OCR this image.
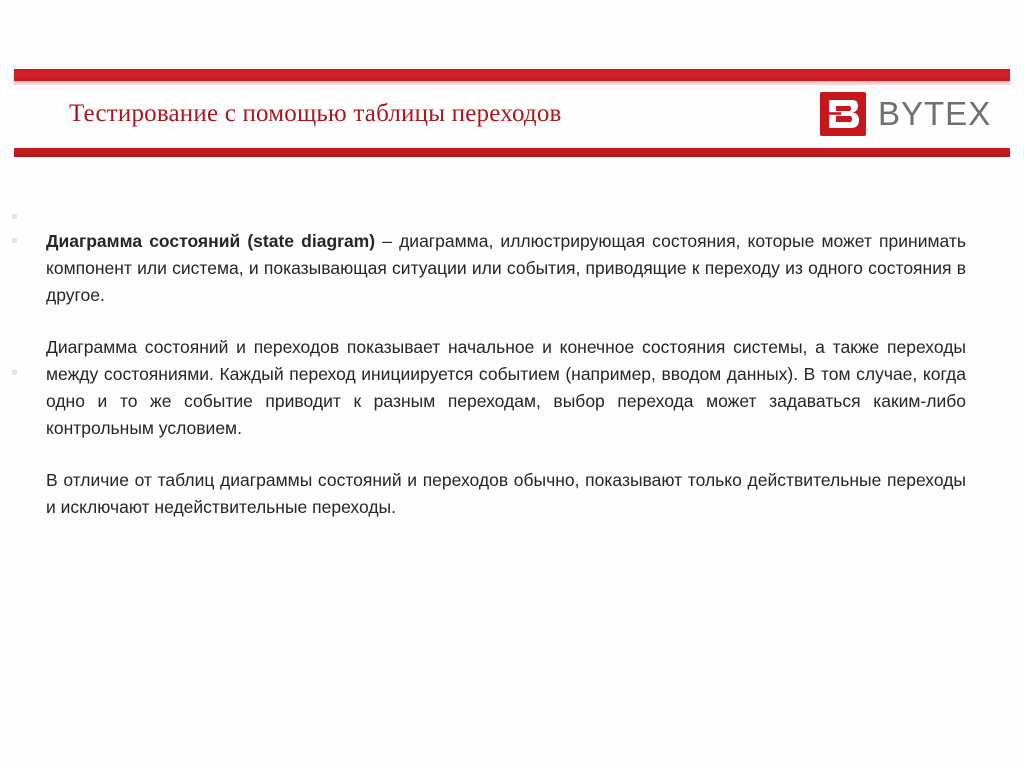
Тестирование с помощью таблицы переходов	BYTEX

Диаграмма состояний (state diagram) – диаграмма, иллюстрирующая состояния, которые может принимать компонент или система, и показывающая ситуации или события, приводящие к переходу из одного состояния в другое.

Диаграмма состояний и переходов показывает начальное и конечное состояния системы, а также переходы между состояниями. Каждый переход инициируется событием (например, вводом данных). В том случае, когда одно и то же событие приводит к разным переходам, выбор перехода может задаваться каким-либо контрольным условием.

В отличие от таблиц диаграммы состояний и переходов обычно, показывают только действительные переходы и исключают недействительные переходы.
